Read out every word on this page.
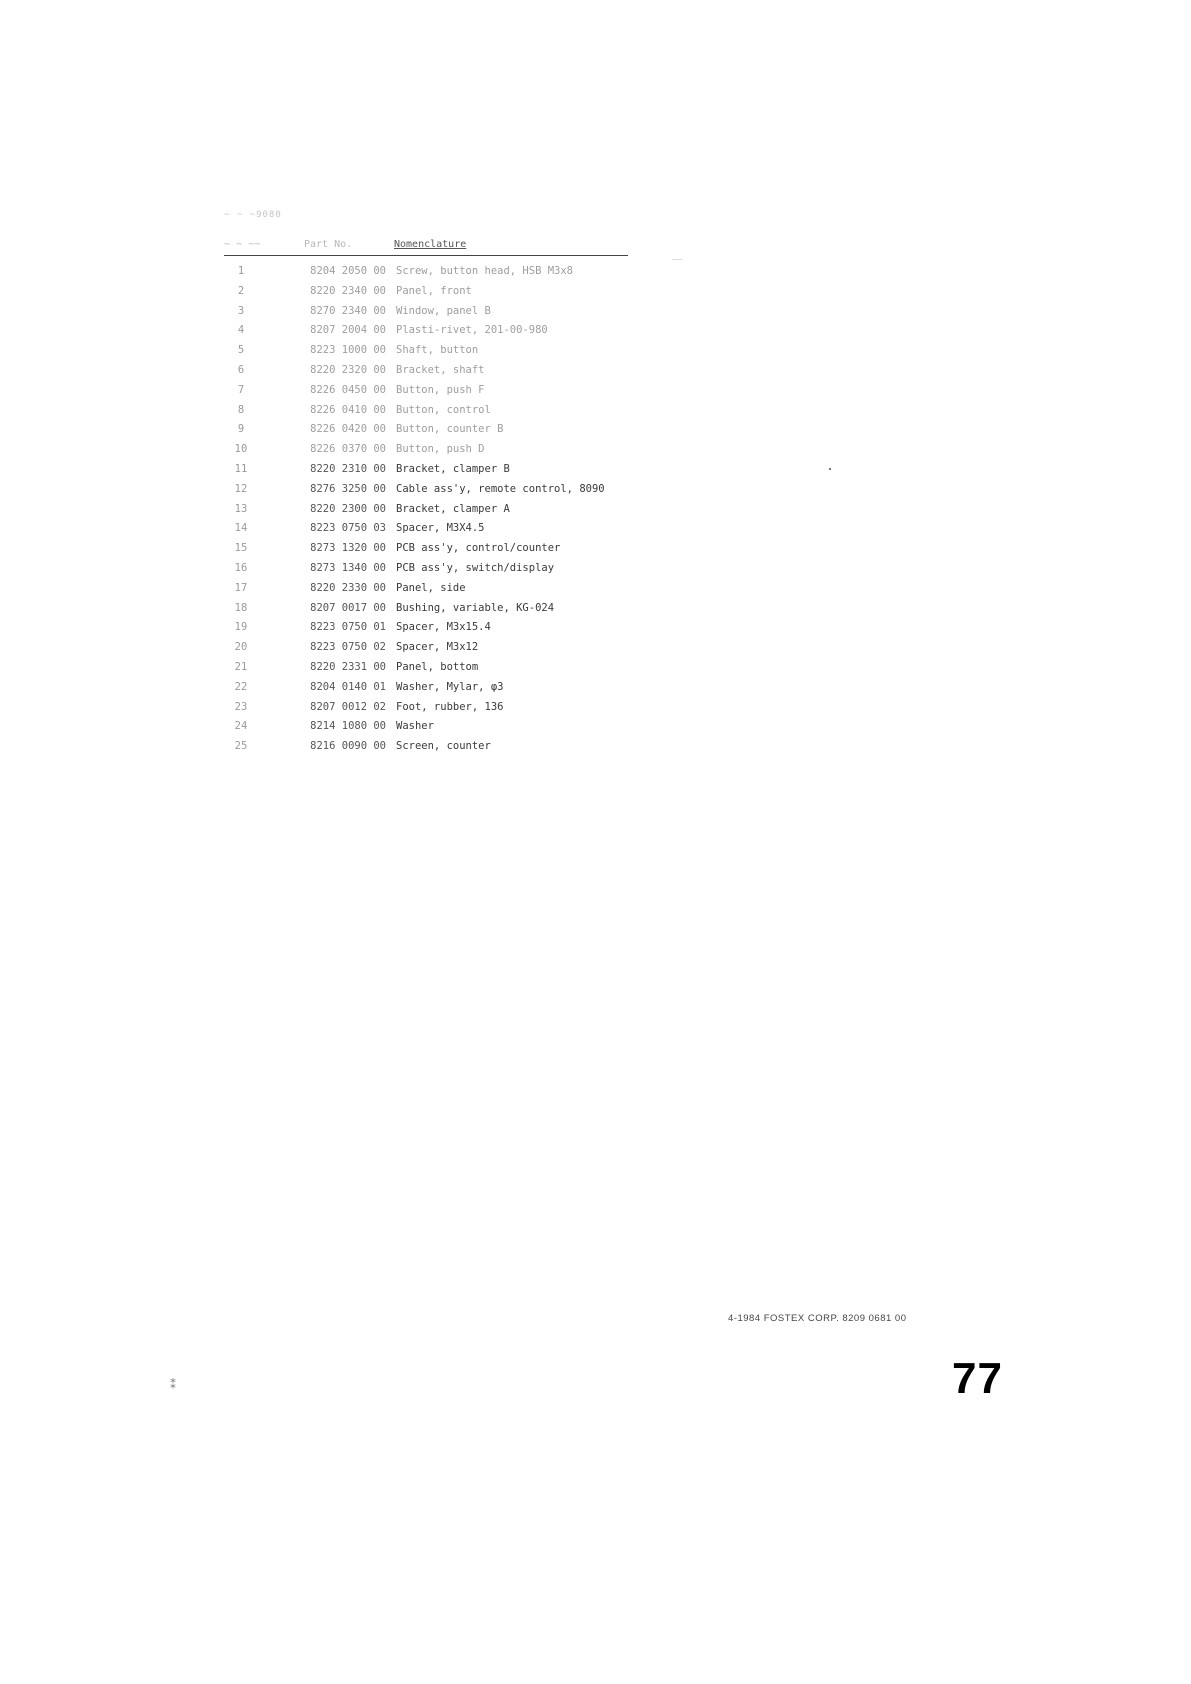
~ ~ ~9080
~ ~ ~~	Part No.	Nomenclature
1	8204 2050 00 Screw, button head, HSB M3x8
2	8220 2340 00 Panel, front
3	8270 2340 00 Window, panel B
4	8207 2004 00 Plasti-rivet, 201-00-980
5	8223 1000 00 Shaft, button
6	8220 2320 00 Bracket, shaft
7	8226 0450 00 Button, push F
8	8226 0410 00 Button, control
9	8226 0420 00 Button, counter B
10	8226 0370 00 Button, push D
11	8220 2310 00 Bracket, clamper B
12	8276 3250 00 Cable ass'y, remote control, 8090
13	8220 2300 00 Bracket, clamper A
14	8223 0750 03 Spacer, M3X4.5
15	8273 1320 00 PCB ass'y, control/counter
16	8273 1340 00 PCB ass'y, switch/display
17	8220 2330 00 Panel, side
18	8207 0017 00 Bushing, variable, KG-024
19	8223 0750 01 Spacer, M3x15.4
20	8223 0750 02 Spacer, M3x12
21	8220 2331 00 Panel, bottom
22	8204 0140 01 Washer, Mylar, φ3
23	8207 0012 02 Foot, rubber, 136
24	8214 1080 00 Washer
25	8216 0090 00 Screen, counter
4-1984 FOSTEX CORP. 8209 0681 00
77
⁑
